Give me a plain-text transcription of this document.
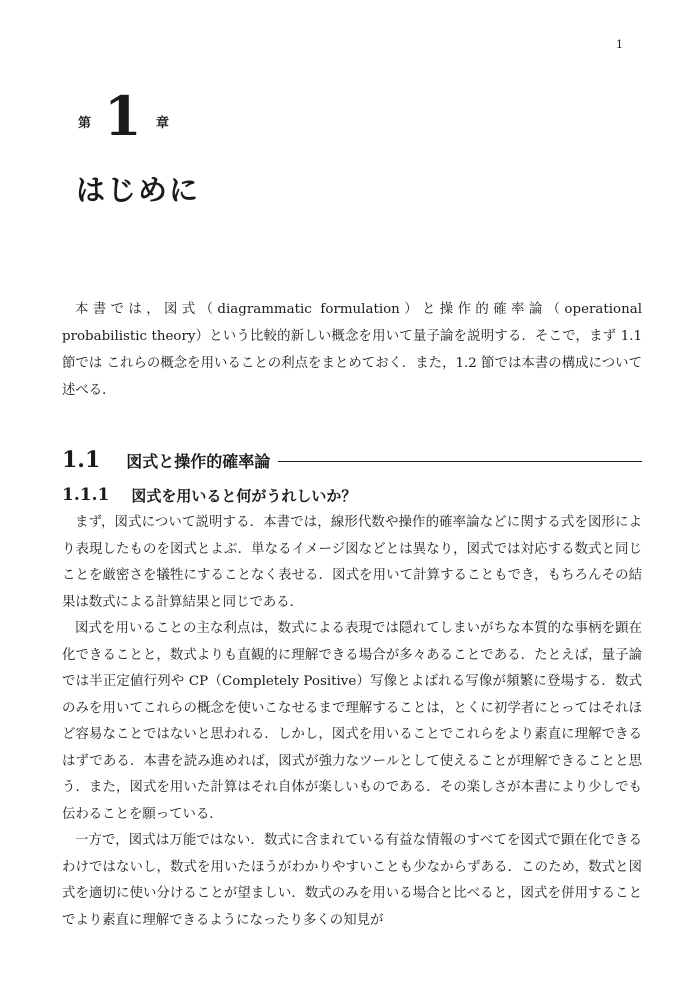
1
第 1 章
はじめに

本書では，図式（diagrammatic formulation）と操作的確率論（operational probabilistic theory）という比較的新しい概念を用いて量子論を説明する．そこで，まず 1.1 節では これらの概念を用いることの利点をまとめておく．また，1.2 節では本書の構成について述べる．

1.1 図式と操作的確率論
1.1.1 図式を用いると何がうれしいか？

まず，図式について説明する．本書では，線形代数や操作的確率論などに関する式を図形により表現したものを図式とよぶ．単なるイメージ図などとは異なり，図式では対応する数式と同じことを厳密さを犠牲にすることなく表せる．図式を用いて計算することもでき，もちろんその結果は数式による計算結果と同じである．

図式を用いることの主な利点は，数式による表現では隠れてしまいがちな本質的な事柄を顕在化できることと，数式よりも直観的に理解できる場合が多々あることである．たとえば，量子論では半正定値行列や CP（Completely Positive）写像とよばれる写像が頻繁に登場する．数式のみを用いてこれらの概念を使いこなせるまで理解することは，とくに初学者にとってはそれほど容易なことではないと思われる．しかし，図式を用いることでこれらをより素直に理解できるはずである．本書を読み進めれば，図式が強力なツールとして使えることが理解できることと思う．また，図式を用いた計算はそれ自体が楽しいものである．その楽しさが本書により少しでも伝わることを願っている．

一方で，図式は万能ではない．数式に含まれている有益な情報のすべてを図式で顕在化できるわけではないし，数式を用いたほうがわかりやすいことも少なからずある．このため，数式と図式を適切に使い分けることが望ましい．数式のみを用いる場合と比べると，図式を併用することでより素直に理解できるようになったり多くの知見が
